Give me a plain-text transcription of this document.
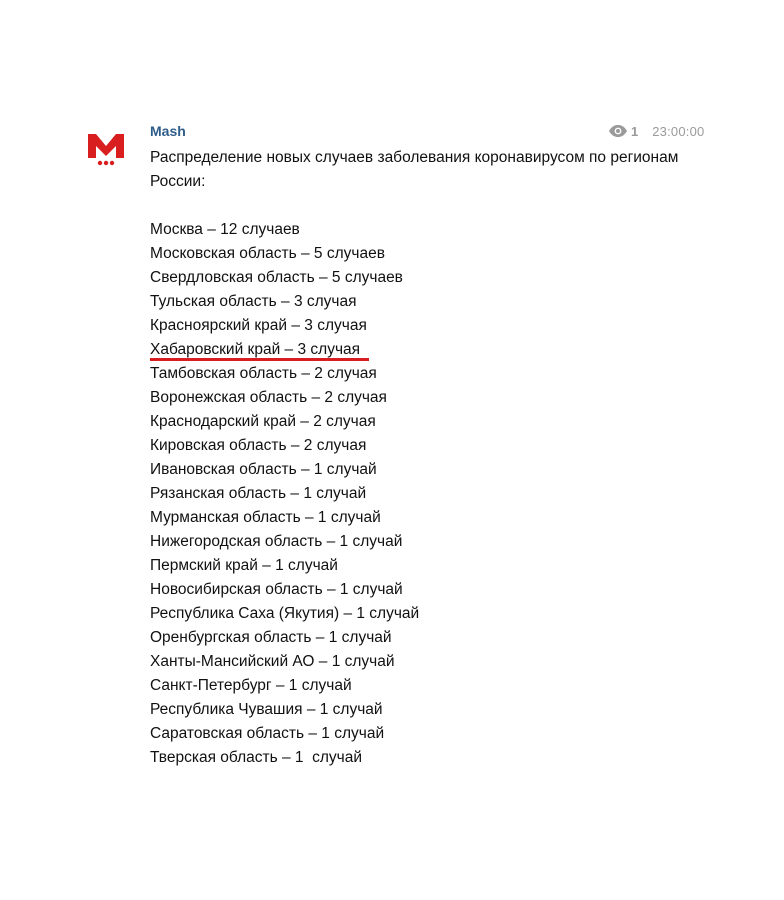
Mash	1 23:00:00

Распределение новых случаев заболевания коронавирусом по регионам России:

Москва – 12 случаев
Московская область – 5 случаев
Свердловская область – 5 случаев
Тульская область – 3 случая
Красноярский край – 3 случая
Хабаровский край – 3 случая
Тамбовская область – 2 случая
Воронежская область – 2 случая
Краснодарский край – 2 случая
Кировская область – 2 случая
Ивановская область – 1 случай
Рязанская область – 1 случай
Мурманская область – 1 случай
Нижегородская область – 1 случай
Пермский край – 1 случай
Новосибирская область – 1 случай
Республика Саха (Якутия) – 1 случай
Оренбургская область – 1 случай
Ханты-Мансийский АО – 1 случай
Санкт-Петербург – 1 случай
Республика Чувашия – 1 случай
Саратовская область – 1 случай
Тверская область – 1  случай
